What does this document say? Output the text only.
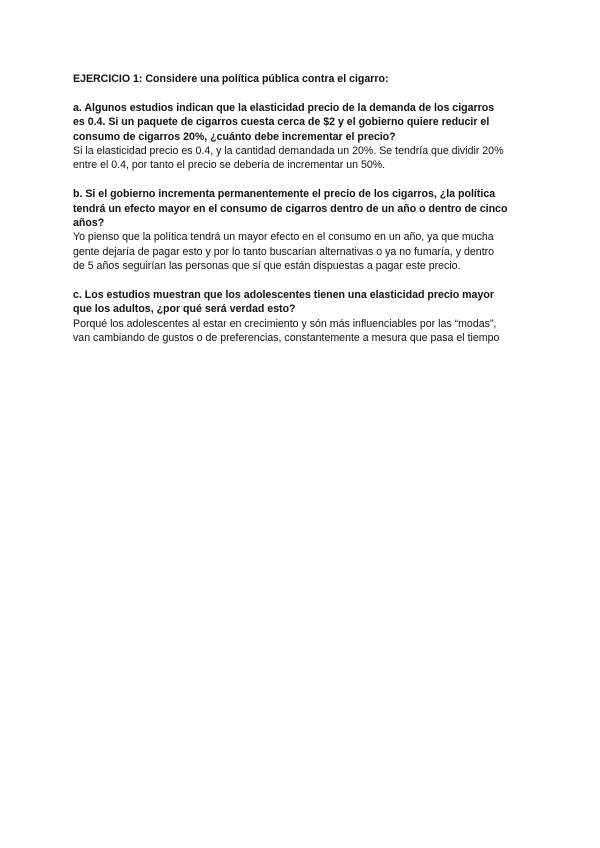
EJERCICIO 1: Considere una política pública contra el cigarro:

a. Algunos estudios indican que la elasticidad precio de la demanda de los cigarros
es 0.4. Si un paquete de cigarros cuesta cerca de $2 y el gobierno quiere reducir el
consumo de cigarros 20%, ¿cuánto debe incrementar el precio?

Si la elasticidad precio es 0.4, y la cantidad demandada un 20%. Se tendría que dividir 20%
entre el 0.4, por tanto el precio se debería de incrementar un 50%.

b. Si el gobierno incrementa permanentemente el precio de los cigarros, ¿la política
tendrá un efecto mayor en el consumo de cigarros dentro de un año o dentro de cinco
años?

Yo pienso que la política tendrá un mayor efecto en el consumo en un año, ya que mucha
gente dejaría de pagar esto y por lo tanto buscarían alternativas o ya no fumaría, y dentro
de 5 años seguirían las personas que sí que están dispuestas a pagar este precio.

c. Los estudios muestran que los adolescentes tienen una elasticidad precio mayor
que los adultos, ¿por qué será verdad esto?

Porqué los adolescentes al estar en crecimiento y són más influenciables por las “modas”,
van cambiando de gustos o de preferencias, constantemente a mesura que pasa el tiempo
